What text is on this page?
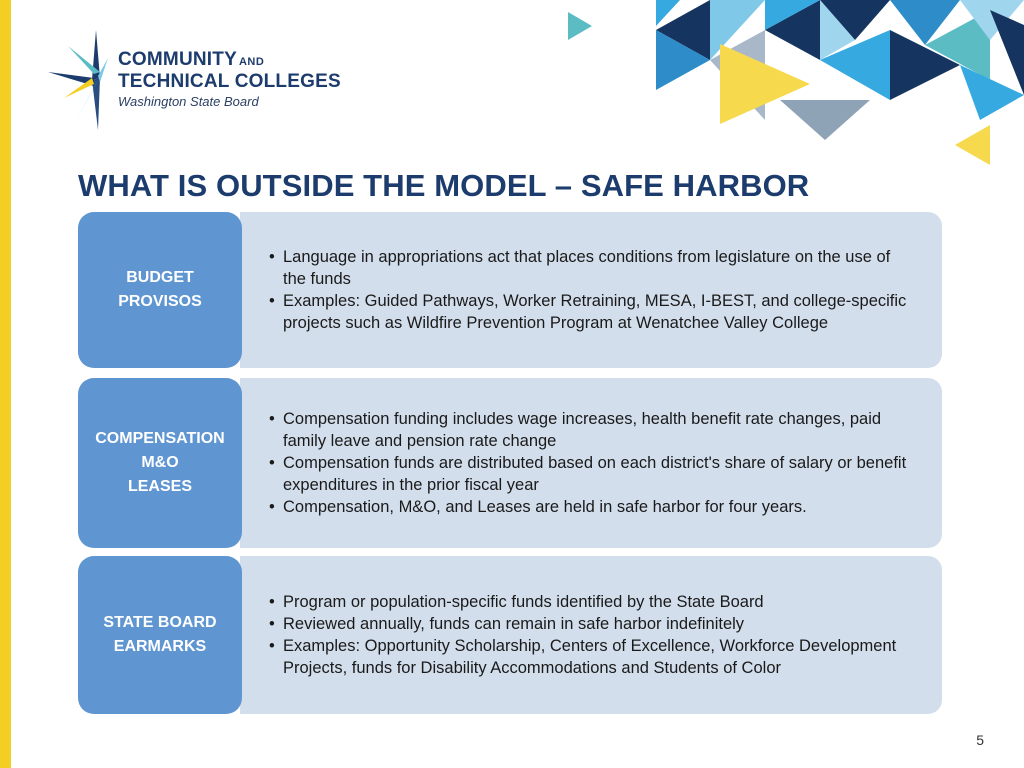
COMMUNITY AND
TECHNICAL COLLEGES
Washington State Board
WHAT IS OUTSIDE THE MODEL – SAFE HARBOR
BUDGET
PROVISOS
• Language in appropriations act that places conditions from legislature on the use of the funds
• Examples: Guided Pathways, Worker Retraining, MESA, I-BEST, and college-specific projects such as Wildfire Prevention Program at Wenatchee Valley College
COMPENSATION
M&O
LEASES
• Compensation funding includes wage increases, health benefit rate changes, paid family leave and pension rate change
• Compensation funds are distributed based on each district's share of salary or benefit expenditures in the prior fiscal year
• Compensation, M&O, and Leases are held in safe harbor for four years.
STATE BOARD
EARMARKS
• Program or population-specific funds identified by the State Board
• Reviewed annually, funds can remain in safe harbor indefinitely
• Examples: Opportunity Scholarship, Centers of Excellence, Workforce Development Projects, funds for Disability Accommodations and Students of Color
5
